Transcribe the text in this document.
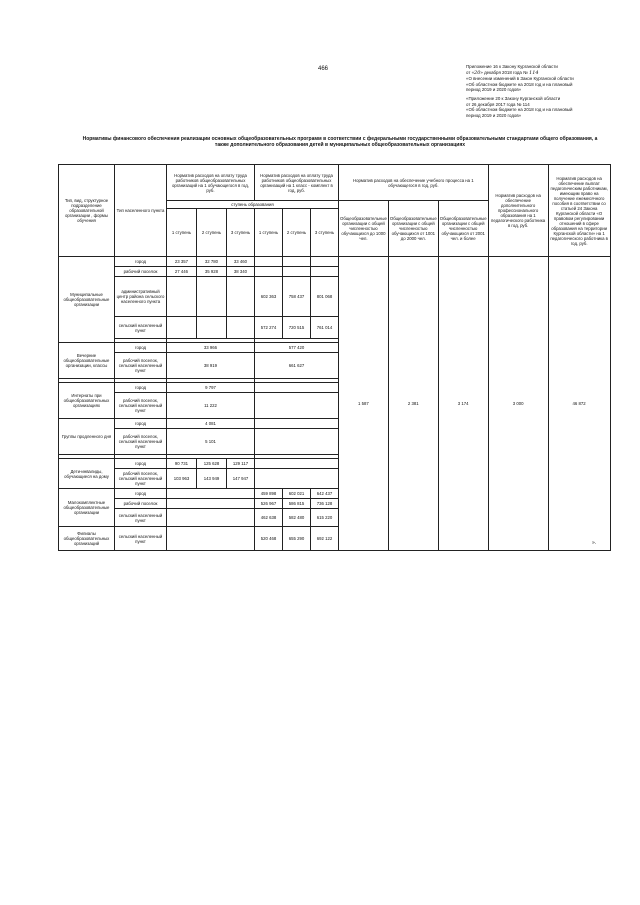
466	Приложение 16 к Закону Курганской области
от «20» декабря 2018 года № 114
«О внесении изменений в Закон Курганской области
«Об областном бюджете на 2018 год и на плановый
период 2019 и 2020 годов»
«Приложение 20 к Закону Курганской области
от 26 декабря 2017 года № 114
«Об областном бюджете на 2018 год и на плановый
период 2019 и 2020 годов»
Нормативы финансового обеспечения реализации основных общеобразовательных программ в соответствии с федеральными государственными образовательными стандартами общего образования, а также дополнительного образования детей в муниципальных общеобразовательных организациях
Тип, вид, структурное подразделение образовательной организации , формы обучения	Тип населенного пункта	Норматив расходов на оплату труда работников общеобразовательных организаций на 1 обучающегося в год, руб.			Норматив расходов на оплату труда работников общеобразовательных организаций на 1 класс - комплект в год, руб.			Норматив расходов на обеспечение учебного процесса на 1 обучающегося в год, руб.			Норматив расходов на обеспечение дополнительного профессионального образования на 1 педагогического работника в год, руб.	Норматив расходов на обеспечение выплат педагогическим работникам, имеющим право на получение ежемесячного пособия в соответствии со статьей 24 Закона Курганской области «О правовом регулировании отношений в сфере образования на территории Курганской области» на 1 педагогического работника в год, руб.
		ступень образования						Общеобразовательные организации с общей численностью обучающихся до 1000 чел.	Общеобразовательные организации с общей численностью обучающихся от 1001 до 2000 чел.	Общеобразовательные организации с общей численностью обучающихся от 2001 чел. и более		
		1 ступень	2 ступень	3 ступень	1 ступень	2 ступень	3 ступень					
Муниципальные общеобразовательные организации	город	23 357	32 780	33 460				1 587	2 381	3 174	3 000	46 872
	рабочий поселок	27 446	35 928	38 340								
	административный центр района сельского населенного пункта				602 363	758 437	801 068					
	сельский населенный пункт				572 274	720 515	761 014					

Вечерние общеобразовательные организации, классы	город	33 966			577 420							
	рабочий поселок, сельский населенный пункт	38 919			661 627							

Интернаты при общеобразовательных организациях	город	9 797										
	рабочий поселок, сельский населенный пункт	11 222										
Группы продленного дня	город	4 081										
	рабочий поселок, сельский населенный пункт	5 101										

Дети-инвалиды, обучающиеся на дому	город	90 731	125 628	129 117								
	рабочий поселок, сельский населенный пункт	103 963	143 949	147 947								
Малокомплектные общеобразовательные организации	город				459 898	602 021	642 437					
	рабочий поселок				526 967	586 815	736 128					
	сельский населенный пункт				462 638	582 480	615 220					
Филиалы общеобразовательных организаций	сельский населенный пункт				520 468	655 290	692 122					
».
